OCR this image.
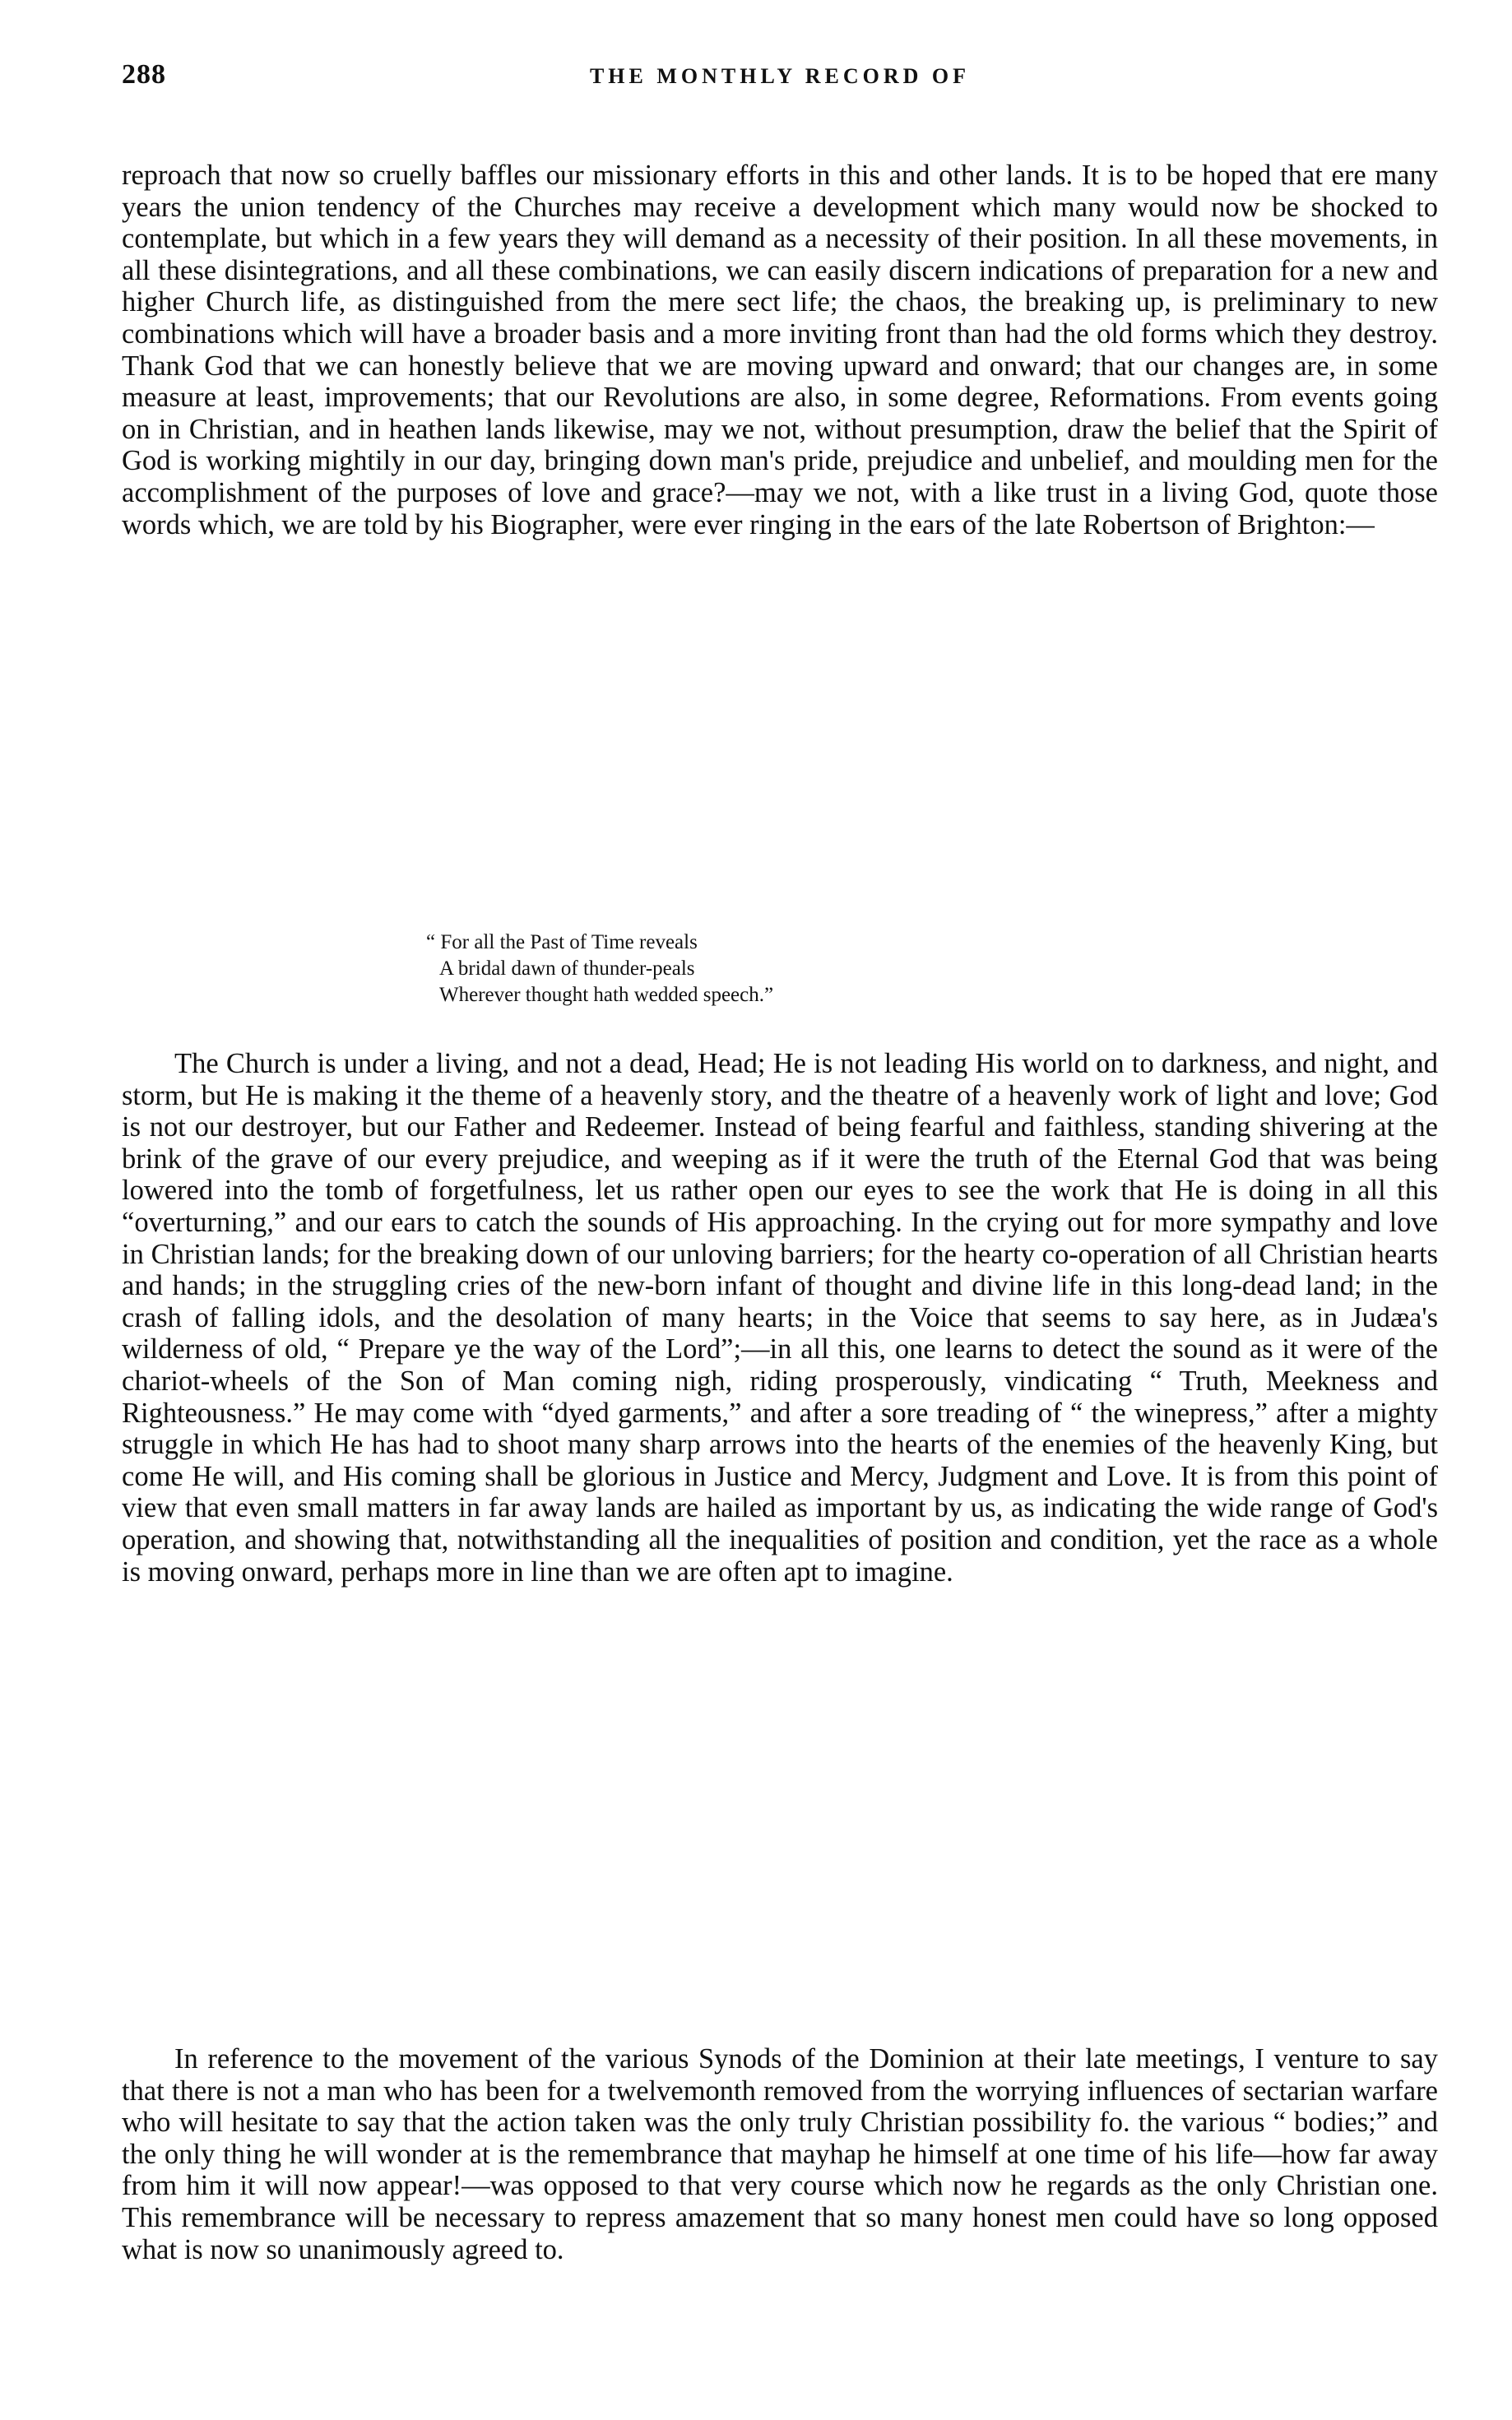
288	THE MONTHLY RECORD OF

reproach that now so cruelly baffles our missionary efforts in this and other lands. It is to be hoped that ere many years the union tendency of the Churches may receive a development which many would now be shocked to contemplate, but which in a few years they will demand as a necessity of their position. In all these movements, in all these disintegrations, and all these combinations, we can easily discern indications of preparation for a new and higher Church life, as distinguished from the mere sect life; the chaos, the breaking up, is preliminary to new combinations which will have a broader basis and a more inviting front than had the old forms which they destroy. Thank God that we can honestly believe that we are moving upward and onward; that our changes are, in some measure at least, improvements; that our Revolutions are also, in some degree, Reformations. From events going on in Christian, and in heathen lands likewise, may we not, without presumption, draw the belief that the Spirit of God is working mightily in our day, bringing down man's pride, prejudice and unbelief, and moulding men for the accomplishment of the purposes of love and grace?—may we not, with a like trust in a living God, quote those words which, we are told by his Biographer, were ever ringing in the ears of the late Robertson of Brighton:—

“ For all the Past of Time reveals
A bridal dawn of thunder-peals
Wherever thought hath wedded speech.”

The Church is under a living, and not a dead, Head; He is not leading His world on to darkness, and night, and storm, but He is making it the theme of a heavenly story, and the theatre of a heavenly work of light and love; God is not our destroyer, but our Father and Redeemer. Instead of being fearful and faithless, standing shivering at the brink of the grave of our every prejudice, and weeping as if it were the truth of the Eternal God that was being lowered into the tomb of forgetfulness, let us rather open our eyes to see the work that He is doing in all this “overturning,” and our ears to catch the sounds of His approaching. In the crying out for more sympathy and love in Christian lands; for the breaking down of our unloving barriers; for the hearty co-operation of all Christian hearts and hands; in the struggling cries of the new-born infant of thought and divine life in this long-dead land; in the crash of falling idols, and the desolation of many hearts; in the Voice that seems to say here, as in Judæa's wilderness of old, “ Prepare ye the way of the Lord”;—in all this, one learns to detect the sound as it were of the chariot-wheels of the Son of Man coming nigh, riding prosperously, vindicating “ Truth, Meekness and Righteousness.” He may come with “dyed garments,” and after a sore treading of “ the winepress,” after a mighty struggle in which He has had to shoot many sharp arrows into the hearts of the enemies of the heavenly King, but come He will, and His coming shall be glorious in Justice and Mercy, Judgment and Love. It is from this point of view that even small matters in far away lands are hailed as important by us, as indicating the wide range of God's operation, and showing that, notwithstanding all the inequalities of position and condition, yet the race as a whole is moving onward, perhaps more in line than we are often apt to imagine.

In reference to the movement of the various Synods of the Dominion at their late meetings, I venture to say that there is not a man who has been for a twelvemonth removed from the worrying influences of sectarian warfare who will hesitate to say that the action taken was the only truly Christian possibility fo. the various “ bodies;” and the only thing he will wonder at is the remembrance that mayhap he himself at one time of his life—how far away from him it will now appear!—was opposed to that very course which now he regards as the only Christian one. This remembrance will be necessary to repress amazement that so many honest men could have so long opposed what is now so unanimously agreed to.
